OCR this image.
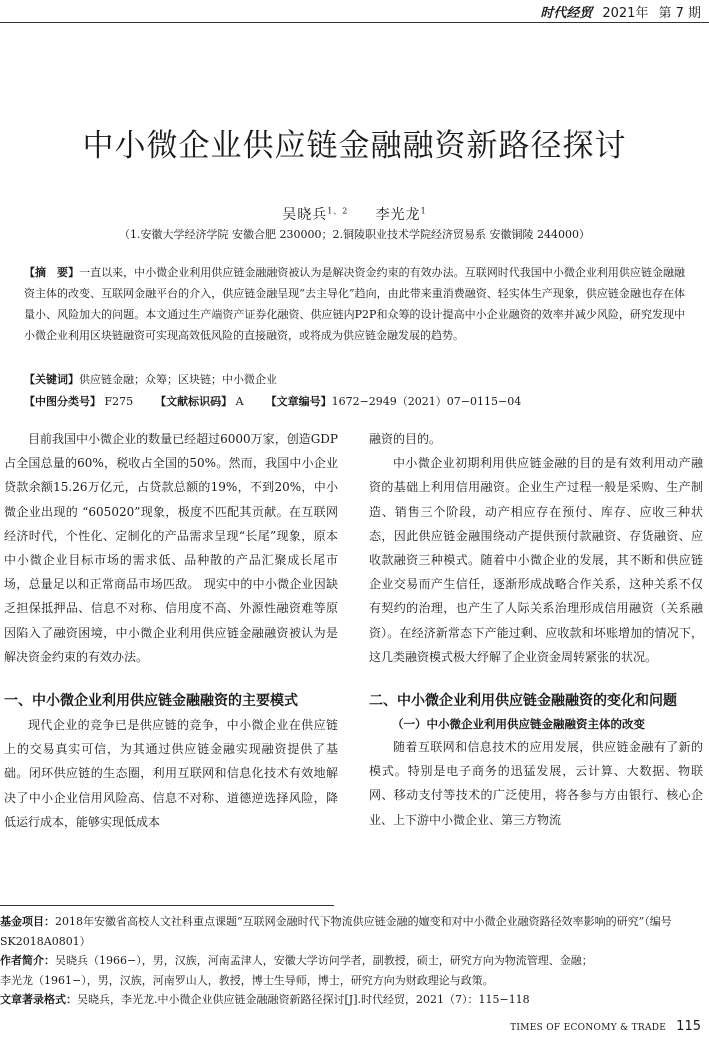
时代经贸 2021年 第 7 期
中小微企业供应链金融融资新路径探讨
吴晓兵$^{1、2}$ 李光龙$^1$
（1.安徽大学经济学院 安徽合肥 230000；2.铜陵职业技术学院经济贸易系 安徽铜陵 244000）
【摘　要】一直以来，中小微企业利用供应链金融融资被认为是解决资金约束的有效办法。互联网时代我国中小微企业利用供应链金融融资主体的改变、互联网金融平台的介入，供应链金融呈现“去主导化”趋向，由此带来重消费融资、轻实体生产现象，供应链金融也存在体量小、风险加大的问题。本文通过生产端资产证券化融资、供应链内P2P和众筹的设计提高中小企业融资的效率并减少风险，研究发现中小微企业利用区块链融资可实现高效低风险的直接融资，或将成为供应链金融发展的趋势。
【关键词】供应链金融；众筹；区块链；中小微企业
【中图分类号】 F275 【文献标识码】 A 【文章编号】1672−2949（2021）07−0115−04

目前我国中小微企业的数量已经超过6000万家，创造GDP占全国总量的60%，税收占全国的50%。然而，我国中小企业贷款余额15.26万亿元，占贷款总额的19%，不到20%，中小微企业出现的 “605020”现象，极度不匹配其贡献。在互联网经济时代，个性化、定制化的产品需求呈现“长尾”现象，原本中小微企业目标市场的需求低、品种散的产品汇聚成长尾市场，总量足以和正常商品市场匹敌。 现实中的中小微企业因缺乏担保抵押品、信息不对称、信用度不高、外源性融资难等原因陷入了融资困境，中小微企业利用供应链金融融资被认为是解决资金约束的有效办法。

一、中小微企业利用供应链金融融资的主要模式

现代企业的竞争已是供应链的竞争，中小微企业在供应链上的交易真实可信，为其通过供应链金融实现融资提供了基础。闭环供应链的生态圈，利用互联网和信息化技术有效地解决了中小企业信用风险高、信息不对称、道德逆选择风险，降低运行成本，能够实现低成本

融资的目的。

中小微企业初期利用供应链金融的目的是有效利用动产融资的基础上利用信用融资。企业生产过程一般是采购、生产制造、销售三个阶段，动产相应存在预付、库存、应收三种状态，因此供应链金融围绕动产提供预付款融资、存货融资、应收款融资三种模式。随着中小微企业的发展，其不断和供应链企业交易而产生信任，逐渐形成战略合作关系，这种关系不仅有契约的治理，也产生了人际关系治理形成信用融资（关系融资）。在经济新常态下产能过剩、应收款和坏账增加的情况下，这几类融资模式极大纾解了企业资金周转紧张的状况。

二、中小微企业利用供应链金融融资的变化和问题
（一）中小微企业利用供应链金融融资主体的改变

随着互联网和信息技术的应用发展，供应链金融有了新的模式。特别是电子商务的迅猛发展，云计算、大数据、物联网、移动支付等技术的广泛使用，将各参与方由银行、核心企业、上下游中小微企业、第三方物流

基金项目：2018年安徽省高校人文社科重点课题“互联网金融时代下物流供应链金融的嬗变和对中小微企业融资路径效率影响的研究”（编号SK2018A0801）

作者简介：吴晓兵（1966−），男，汉族，河南孟津人，安徽大学访问学者，副教授，硕士，研究方向为物流管理、金融；

李光龙（1961−），男，汉族，河南罗山人，教授，博士生导师，博士，研究方向为财政理论与政策。

文章著录格式：吴晓兵，李光龙.中小微企业供应链金融融资新路径探讨[J].时代经贸，2021（7）：115−118

TIMES OF ECONOMY & TRADE 115
